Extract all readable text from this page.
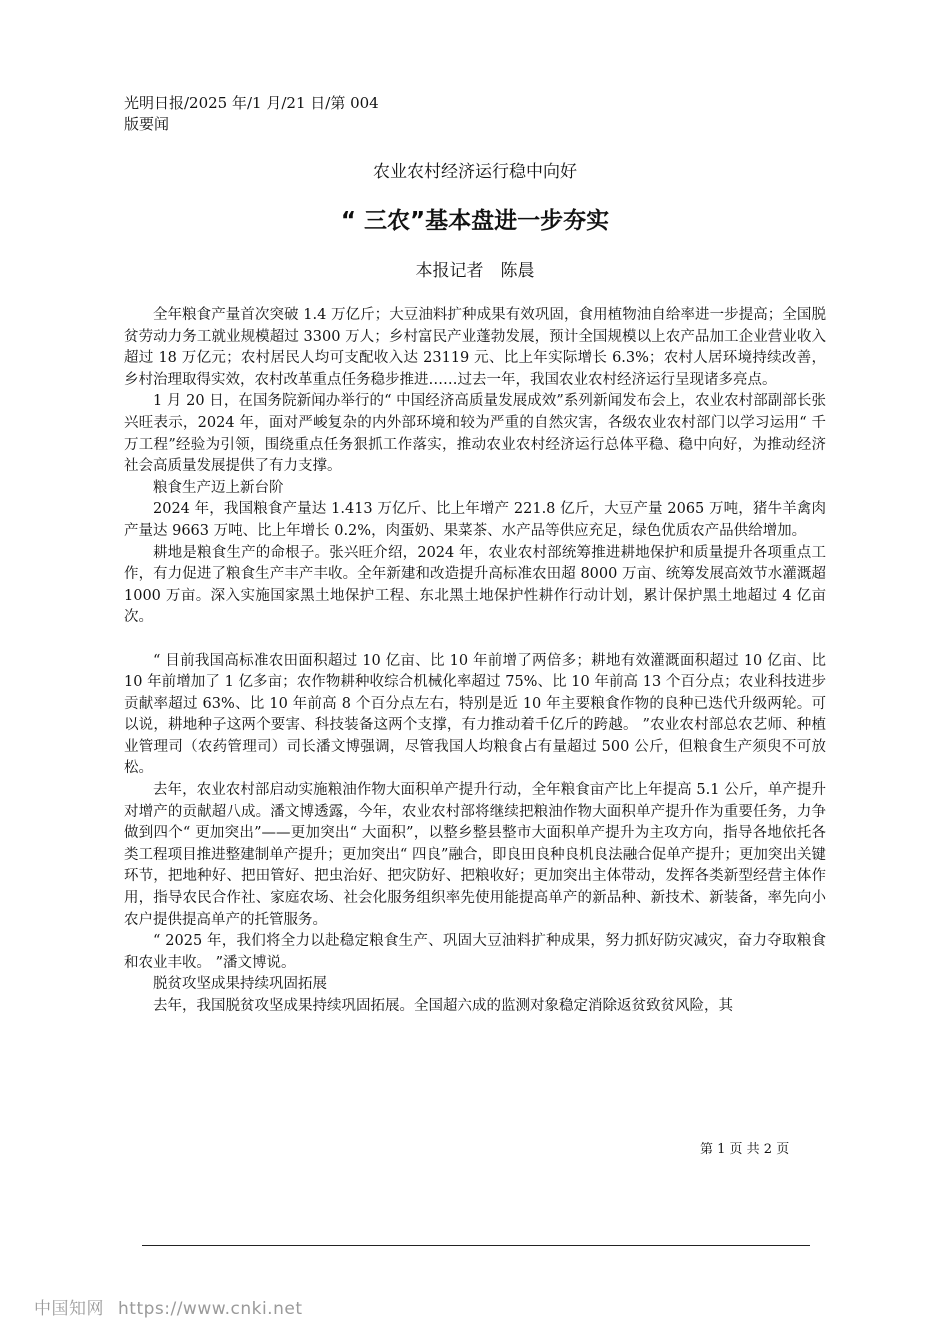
光明日报/2025 年/1 月/21 日/第 004
版要闻
农业农村经济运行稳中向好
“ 三农”基本盘进一步夯实
本报记者　陈晨

全年粮食产量首次突破 1.4 万亿斤；大豆油料扩种成果有效巩固，食用植物油自给率进一步提高；全国脱贫劳动力务工就业规模超过 3300 万人；乡村富民产业蓬勃发展，预计全国规模以上农产品加工企业营业收入超过 18 万亿元；农村居民人均可支配收入达 23119 元、比上年实际增长 6.3%；农村人居环境持续改善，乡村治理取得实效，农村改革重点任务稳步推进……过去一年，我国农业农村经济运行呈现诸多亮点。

1 月 20 日，在国务院新闻办举行的“ 中国经济高质量发展成效”系列新闻发布会上，农业农村部副部长张兴旺表示，2024 年，面对严峻复杂的内外部环境和较为严重的自然灾害，各级农业农村部门以学习运用“ 千万工程”经验为引领，围绕重点任务狠抓工作落实，推动农业农村经济运行总体平稳、稳中向好，为推动经济社会高质量发展提供了有力支撑。

粮食生产迈上新台阶

2024 年，我国粮食产量达 1.413 万亿斤、比上年增产 221.8 亿斤，大豆产量 2065 万吨，猪牛羊禽肉产量达 9663 万吨、比上年增长 0.2%，肉蛋奶、果菜茶、水产品等供应充足，绿色优质农产品供给增加。

耕地是粮食生产的命根子。张兴旺介绍，2024 年，农业农村部统筹推进耕地保护和质量提升各项重点工作，有力促进了粮食生产丰产丰收。全年新建和改造提升高标准农田超 8000 万亩、统筹发展高效节水灌溉超 1000 万亩。深入实施国家黑土地保护工程、东北黑土地保护性耕作行动计划，累计保护黑土地超过 4 亿亩次。

“ 目前我国高标准农田面积超过 10 亿亩、比 10 年前增了两倍多；耕地有效灌溉面积超过 10 亿亩、比 10 年前增加了 1 亿多亩；农作物耕种收综合机械化率超过 75%、比 10 年前高 13 个百分点；农业科技进步贡献率超过 63%、比 10 年前高 8 个百分点左右，特别是近 10 年主要粮食作物的良种已迭代升级两轮。可以说，耕地种子这两个要害、科技装备这两个支撑，有力推动着千亿斤的跨越。 ”农业农村部总农艺师、种植业管理司（农药管理司）司长潘文博强调，尽管我国人均粮食占有量超过 500 公斤，但粮食生产须臾不可放松。

去年，农业农村部启动实施粮油作物大面积单产提升行动，全年粮食亩产比上年提高 5.1 公斤，单产提升对增产的贡献超八成。潘文博透露，今年，农业农村部将继续把粮油作物大面积单产提升作为重要任务，力争做到四个“ 更加突出”——更加突出“ 大面积”，以整乡整县整市大面积单产提升为主攻方向，指导各地依托各类工程项目推进整建制单产提升；更加突出“ 四良”融合，即良田良种良机良法融合促单产提升；更加突出关键环节，把地种好、把田管好、把虫治好、把灾防好、把粮收好；更加突出主体带动，发挥各类新型经营主体作用，指导农民合作社、家庭农场、社会化服务组织率先使用能提高单产的新品种、新技术、新装备，率先向小农户提供提高单产的托管服务。

“ 2025 年，我们将全力以赴稳定粮食生产、巩固大豆油料扩种成果，努力抓好防灾减灾，奋力夺取粮食和农业丰收。 ”潘文博说。

脱贫攻坚成果持续巩固拓展

去年，我国脱贫攻坚成果持续巩固拓展。全国超六成的监测对象稳定消除返贫致贫风险，其

第 1 页 共 2 页
中国知网 https://www.cnki.net
